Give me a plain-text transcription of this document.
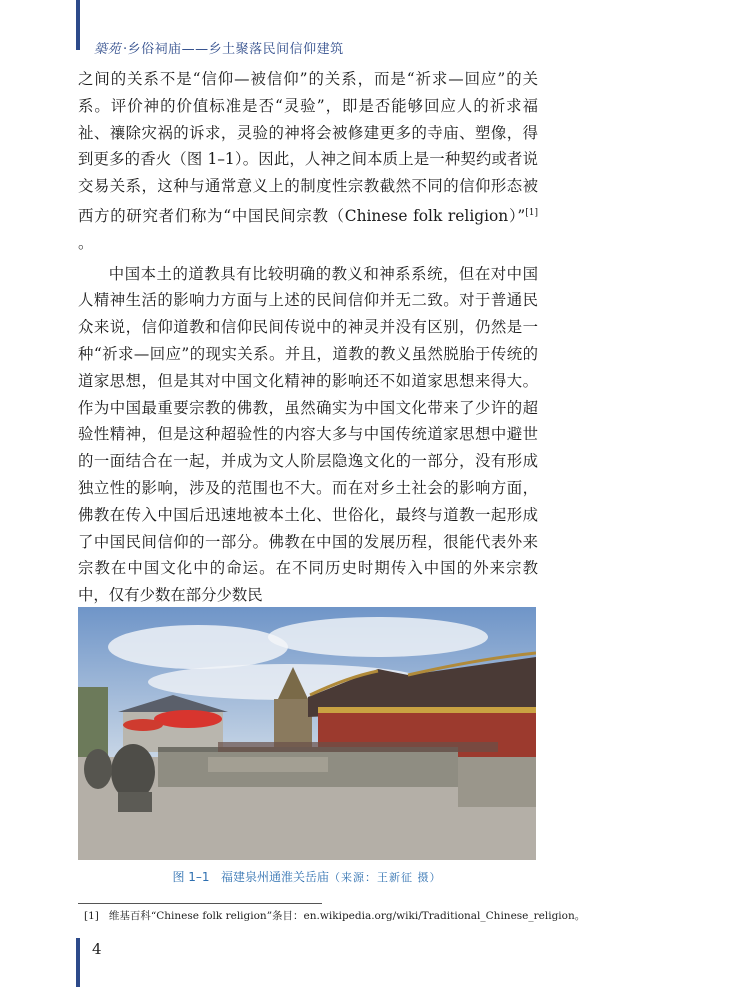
築苑 ·乡俗祠庙——乡土聚落民间信仰建筑

之间的关系不是“信仰—被信仰”的关系，而是“祈求—回应”的关系。评价神的价值标准是否“灵验”，即是否能够回应人的祈求福祉、禳除灾祸的诉求，灵验的神将会被修建更多的寺庙、塑像，得到更多的香火（图 1–1）。因此，人神之间本质上是一种契约或者说交易关系，这种与通常意义上的制度性宗教截然不同的信仰形态被西方的研究者们称为“中国民间宗教（Chinese folk religion）”[1] 。

中国本土的道教具有比较明确的教义和神系系统，但在对中国人精神生活的影响力方面与上述的民间信仰并无二致。对于普通民众来说，信仰道教和信仰民间传说中的神灵并没有区别，仍然是一种“祈求—回应”的现实关系。并且，道教的教义虽然脱胎于传统的道家思想，但是其对中国文化精神的影响还不如道家思想来得大。作为中国最重要宗教的佛教，虽然确实为中国文化带来了少许的超验性精神，但是这种超验性的内容大多与中国传统道家思想中避世的一面结合在一起，并成为文人阶层隐逸文化的一部分，没有形成独立性的影响，涉及的范围也不大。而在对乡土社会的影响方面，佛教在传入中国后迅速地被本土化、世俗化，最终与道教一起形成了中国民间信仰的一部分。佛教在中国的发展历程，很能代表外来宗教在中国文化中的命运。在不同历史时期传入中国的外来宗教中，仅有少数在部分少数民

图 1–1 福建泉州通淮关岳庙（来源：王新征 摄）
[1] 维基百科“Chinese folk religion”条目：en.wikipedia.org/wiki/Traditional_Chinese_religion。
4
